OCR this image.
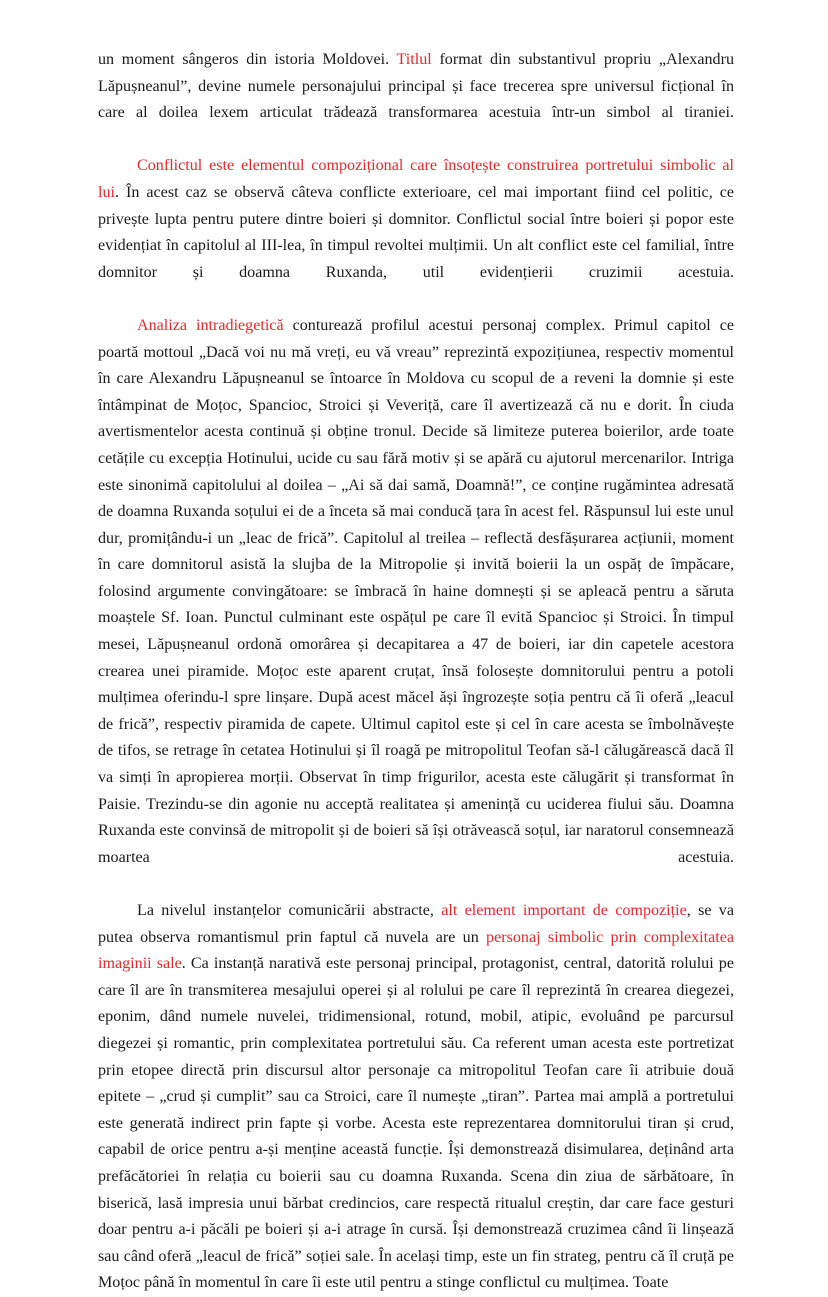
un moment sângeros din istoria Moldovei. Titlul format din substantivul propriu „Alexandru Lăpușneanul”, devine numele personajului principal și face trecerea spre universul ficțional în care al doilea lexem articulat trădează transformarea acestuia într-un simbol al tiraniei.

Conflictul este elementul compozițional care însoțește construirea portretului simbolic al lui. În acest caz se observă câteva conflicte exterioare, cel mai important fiind cel politic, ce privește lupta pentru putere dintre boieri și domnitor. Conflictul social între boieri și popor este evidențiat în capitolul al III-lea, în timpul revoltei mulțimii. Un alt conflict este cel familial, între domnitor și doamna Ruxanda, util evidențierii cruzimii acestuia.

Analiza intradiegetică conturează profilul acestui personaj complex. Primul capitol ce poartă mottoul „Dacă voi nu mă vreți, eu vă vreau” reprezintă expozițiunea, respectiv momentul în care Alexandru Lăpușneanul se întoarce în Moldova cu scopul de a reveni la domnie și este întâmpinat de Moțoc, Spancioc, Stroici și Veveriță, care îl avertizează că nu e dorit. În ciuda avertismentelor acesta continuă și obține tronul. Decide să limiteze puterea boierilor, arde toate cetățile cu excepția Hotinului, ucide cu sau fără motiv și se apără cu ajutorul mercenarilor. Intriga este sinonimă capitolului al doilea – „Ai să dai samă, Doamnă!”, ce conține rugămintea adresată de doamna Ruxanda soțului ei de a înceta să mai conducă țara în acest fel. Răspunsul lui este unul dur, promițându-i un „leac de frică”. Capitolul al treilea – reflectă desfășurarea acțiunii, moment în care domnitorul asistă la slujba de la Mitropolie și invită boierii la un ospăț de împăcare, folosind argumente convingătoare: se îmbracă în haine domnești și se apleacă pentru a săruta moaștele Sf. Ioan. Punctul culminant este ospățul pe care îl evită Spancioc și Stroici. În timpul mesei, Lăpușneanul ordonă omorârea și decapitarea a 47 de boieri, iar din capetele acestora crearea unei piramide. Moțoc este aparent cruțat, însă folosește domnitorului pentru a potoli mulțimea oferindu-l spre linșare. După acest măcel ăși îngrozește soția pentru că îi oferă „leacul de frică”, respectiv piramida de capete. Ultimul capitol este și cel în care acesta se îmbolnăvește de tifos, se retrage în cetatea Hotinului și îl roagă pe mitropolitul Teofan să-l călugărească dacă îl va simți în apropierea morții. Observat în timp frigurilor, acesta este călugărit și transformat în Paisie. Trezindu-se din agonie nu acceptă realitatea și amenință cu uciderea fiului său. Doamna Ruxanda este convinsă de mitropolit și de boieri să își otrăvească soțul, iar naratorul consemnează moartea acestuia.

La nivelul instanțelor comunicării abstracte, alt element important de compoziție, se va putea observa romantismul prin faptul că nuvela are un personaj simbolic prin complexitatea imaginii sale. Ca instanță narativă este personaj principal, protagonist, central, datorită rolului pe care îl are în transmiterea mesajului operei și al rolului pe care îl reprezintă în crearea diegezei, eponim, dând numele nuvelei, tridimensional, rotund, mobil, atipic, evoluând pe parcursul diegezei și romantic, prin complexitatea portretului său. Ca referent uman acesta este portretizat prin etopee directă prin discursul altor personaje ca mitropolitul Teofan care îi atribuie două epitete – „crud și cumplit” sau ca Stroici, care îl numește „tiran”. Partea mai amplă a portretului este generată indirect prin fapte și vorbe. Acesta este reprezentarea domnitorului tiran și crud, capabil de orice pentru a-și menține această funcție. Își demonstrează disimularea, deținând arta prefăcătoriei în relația cu boierii sau cu doamna Ruxanda. Scena din ziua de sărbătoare, în biserică, lasă impresia unui bărbat credincios, care respectă ritualul creștin, dar care face gesturi doar pentru a-i păcăli pe boieri și a-i atrage în cursă. Își demonstrează cruzimea când îi linșează sau când oferă „leacul de frică” soției sale. În același timp, este un fin strateg, pentru că îl cruță pe Moțoc până în momentul în care îi este util pentru a stinge conflictul cu mulțimea. Toate
